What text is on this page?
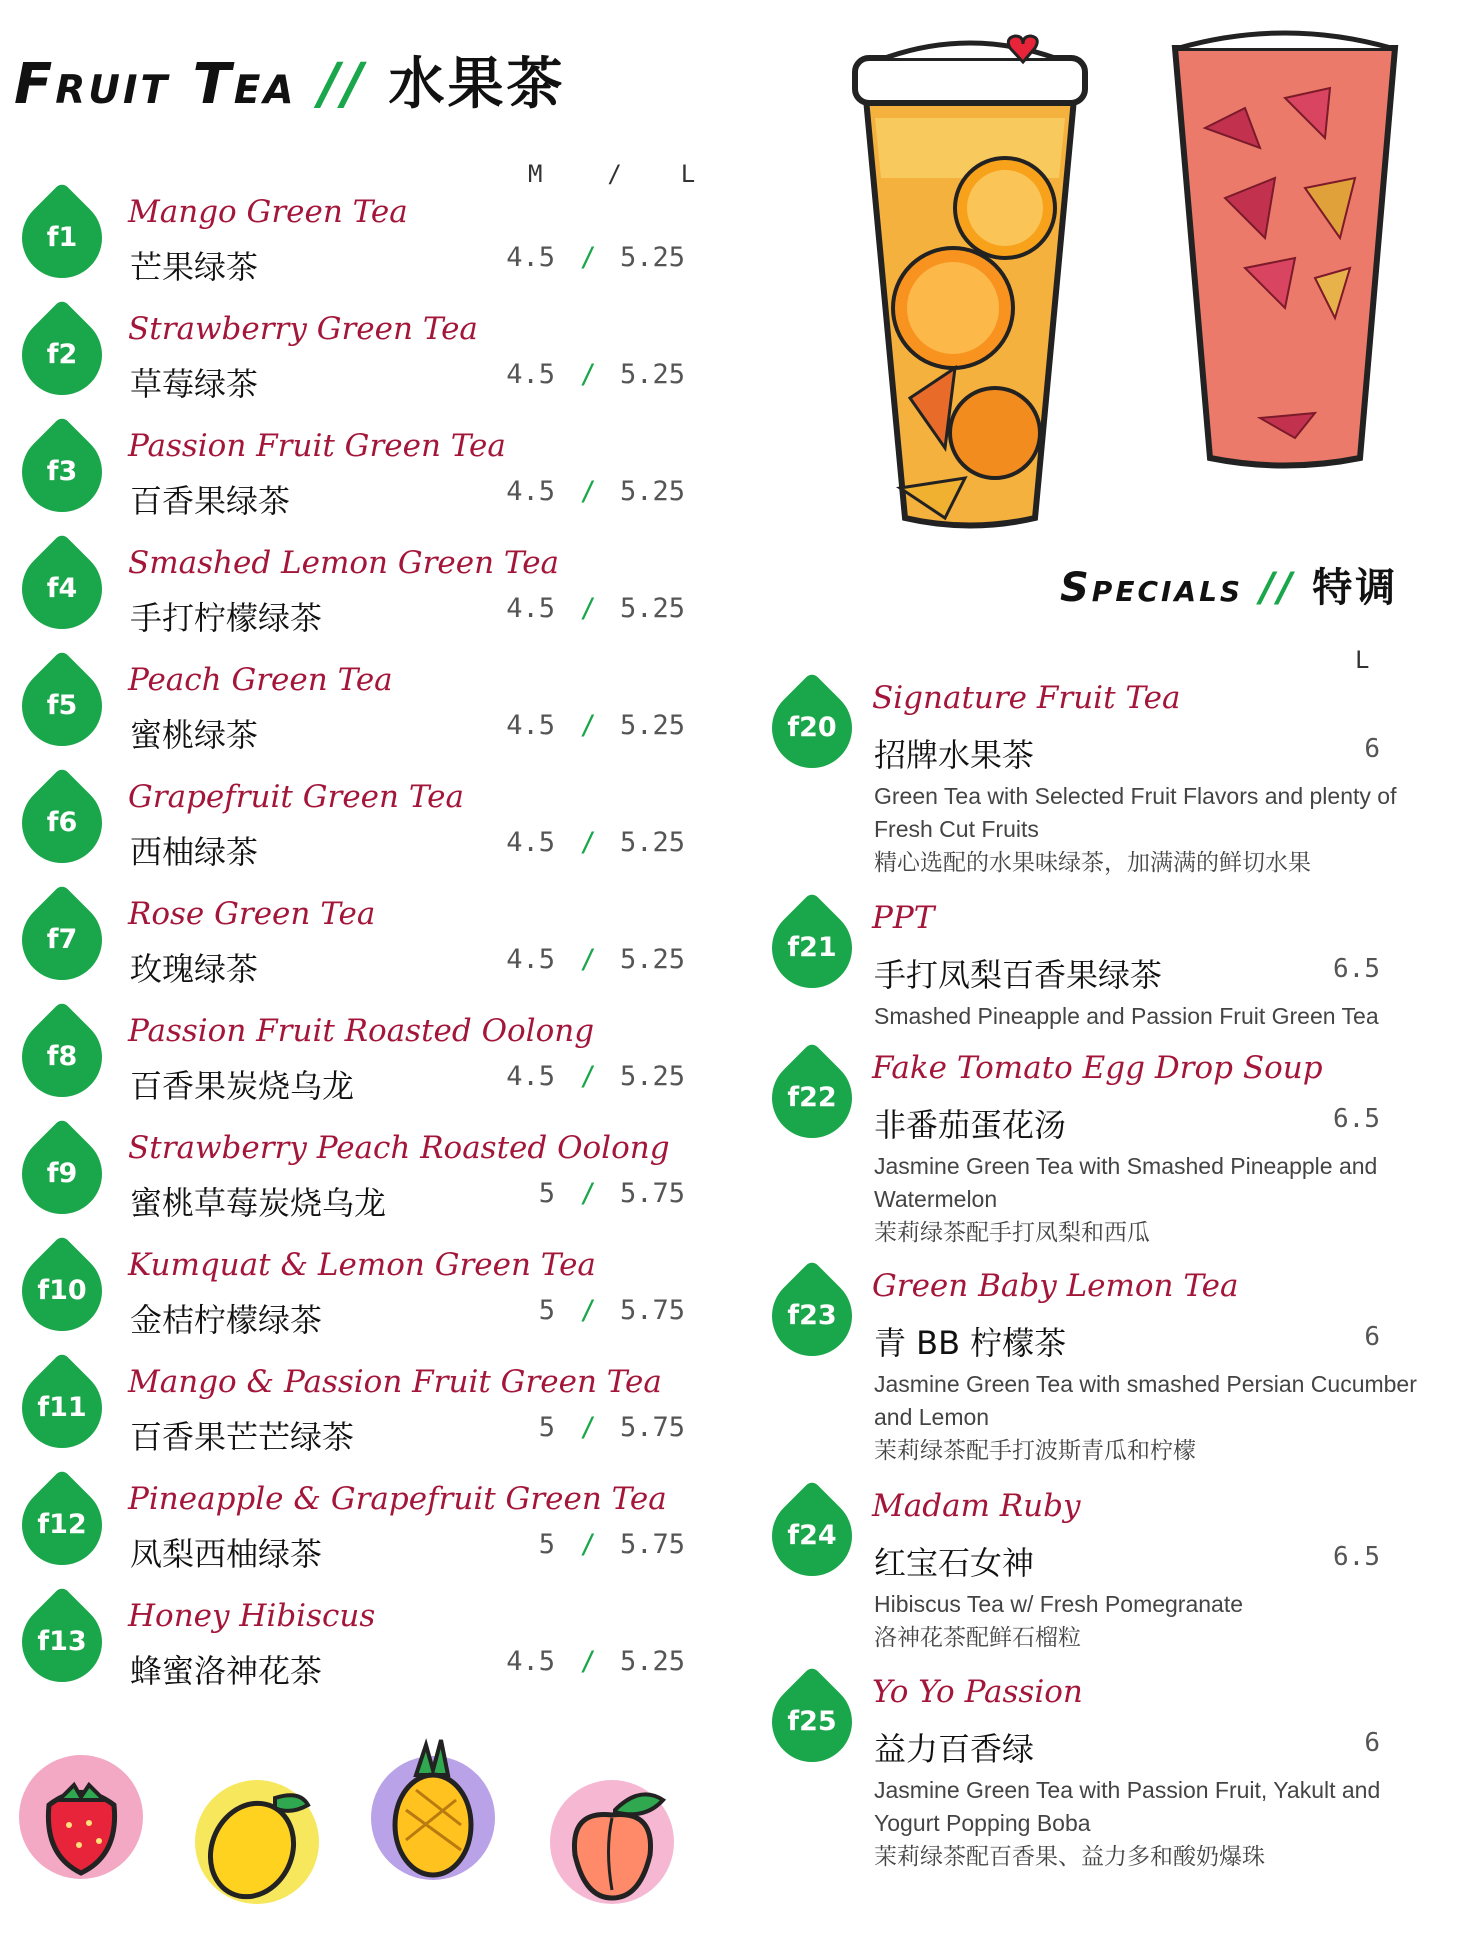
Fruit Tea // 水果茶
M	/ L
f1
Mango Green Tea
芒果绿茶	4.5 / 5.25
f2
Strawberry Green Tea
草莓绿茶	4.5 / 5.25
f3
Passion Fruit Green Tea
百香果绿茶	4.5 / 5.25
f4
Smashed Lemon Green Tea
手打柠檬绿茶	4.5 / 5.25
f5
Peach Green Tea
蜜桃绿茶	4.5 / 5.25
f6
Grapefruit Green Tea
西柚绿茶	4.5 / 5.25
f7
Rose Green Tea
玫瑰绿茶	4.5 / 5.25
f8
Passion Fruit Roasted Oolong
百香果炭烧乌龙	4.5 / 5.25
f9
Strawberry Peach Roasted Oolong
蜜桃草莓炭烧乌龙	5 / 5.75
f10
Kumquat & Lemon Green Tea
金桔柠檬绿茶	5 / 5.75
f11
Mango & Passion Fruit Green Tea
百香果芒芒绿茶	5 / 5.75
f12
Pineapple & Grapefruit Green Tea
凤梨西柚绿茶	5 / 5.75
f13
Honey Hibiscus
蜂蜜洛神花茶	4.5 / 5.25
Specials // 特调
L
f20
Signature Fruit Tea
招牌水果茶	6
Green Tea with Selected Fruit Flavors and plenty of Fresh Cut Fruits
精心选配的水果味绿茶，加满满的鲜切水果
f21
PPT
手打凤梨百香果绿茶	6.5
Smashed Pineapple and Passion Fruit Green Tea
f22
Fake Tomato Egg Drop Soup
非番茄蛋花汤	6.5
Jasmine Green Tea with Smashed Pineapple and Watermelon
茉莉绿茶配手打凤梨和西瓜
f23
Green Baby Lemon Tea
青 BB 柠檬茶	6
Jasmine Green Tea with smashed Persian Cucumber and Lemon
茉莉绿茶配手打波斯青瓜和柠檬
f24
Madam Ruby
红宝石女神	6.5
Hibiscus Tea w/ Fresh Pomegranate
洛神花茶配鲜石榴粒
f25
Yo Yo Passion
益力百香绿	6
Jasmine Green Tea with Passion Fruit, Yakult and Yogurt Popping Boba
茉莉绿茶配百香果、益力多和酸奶爆珠
